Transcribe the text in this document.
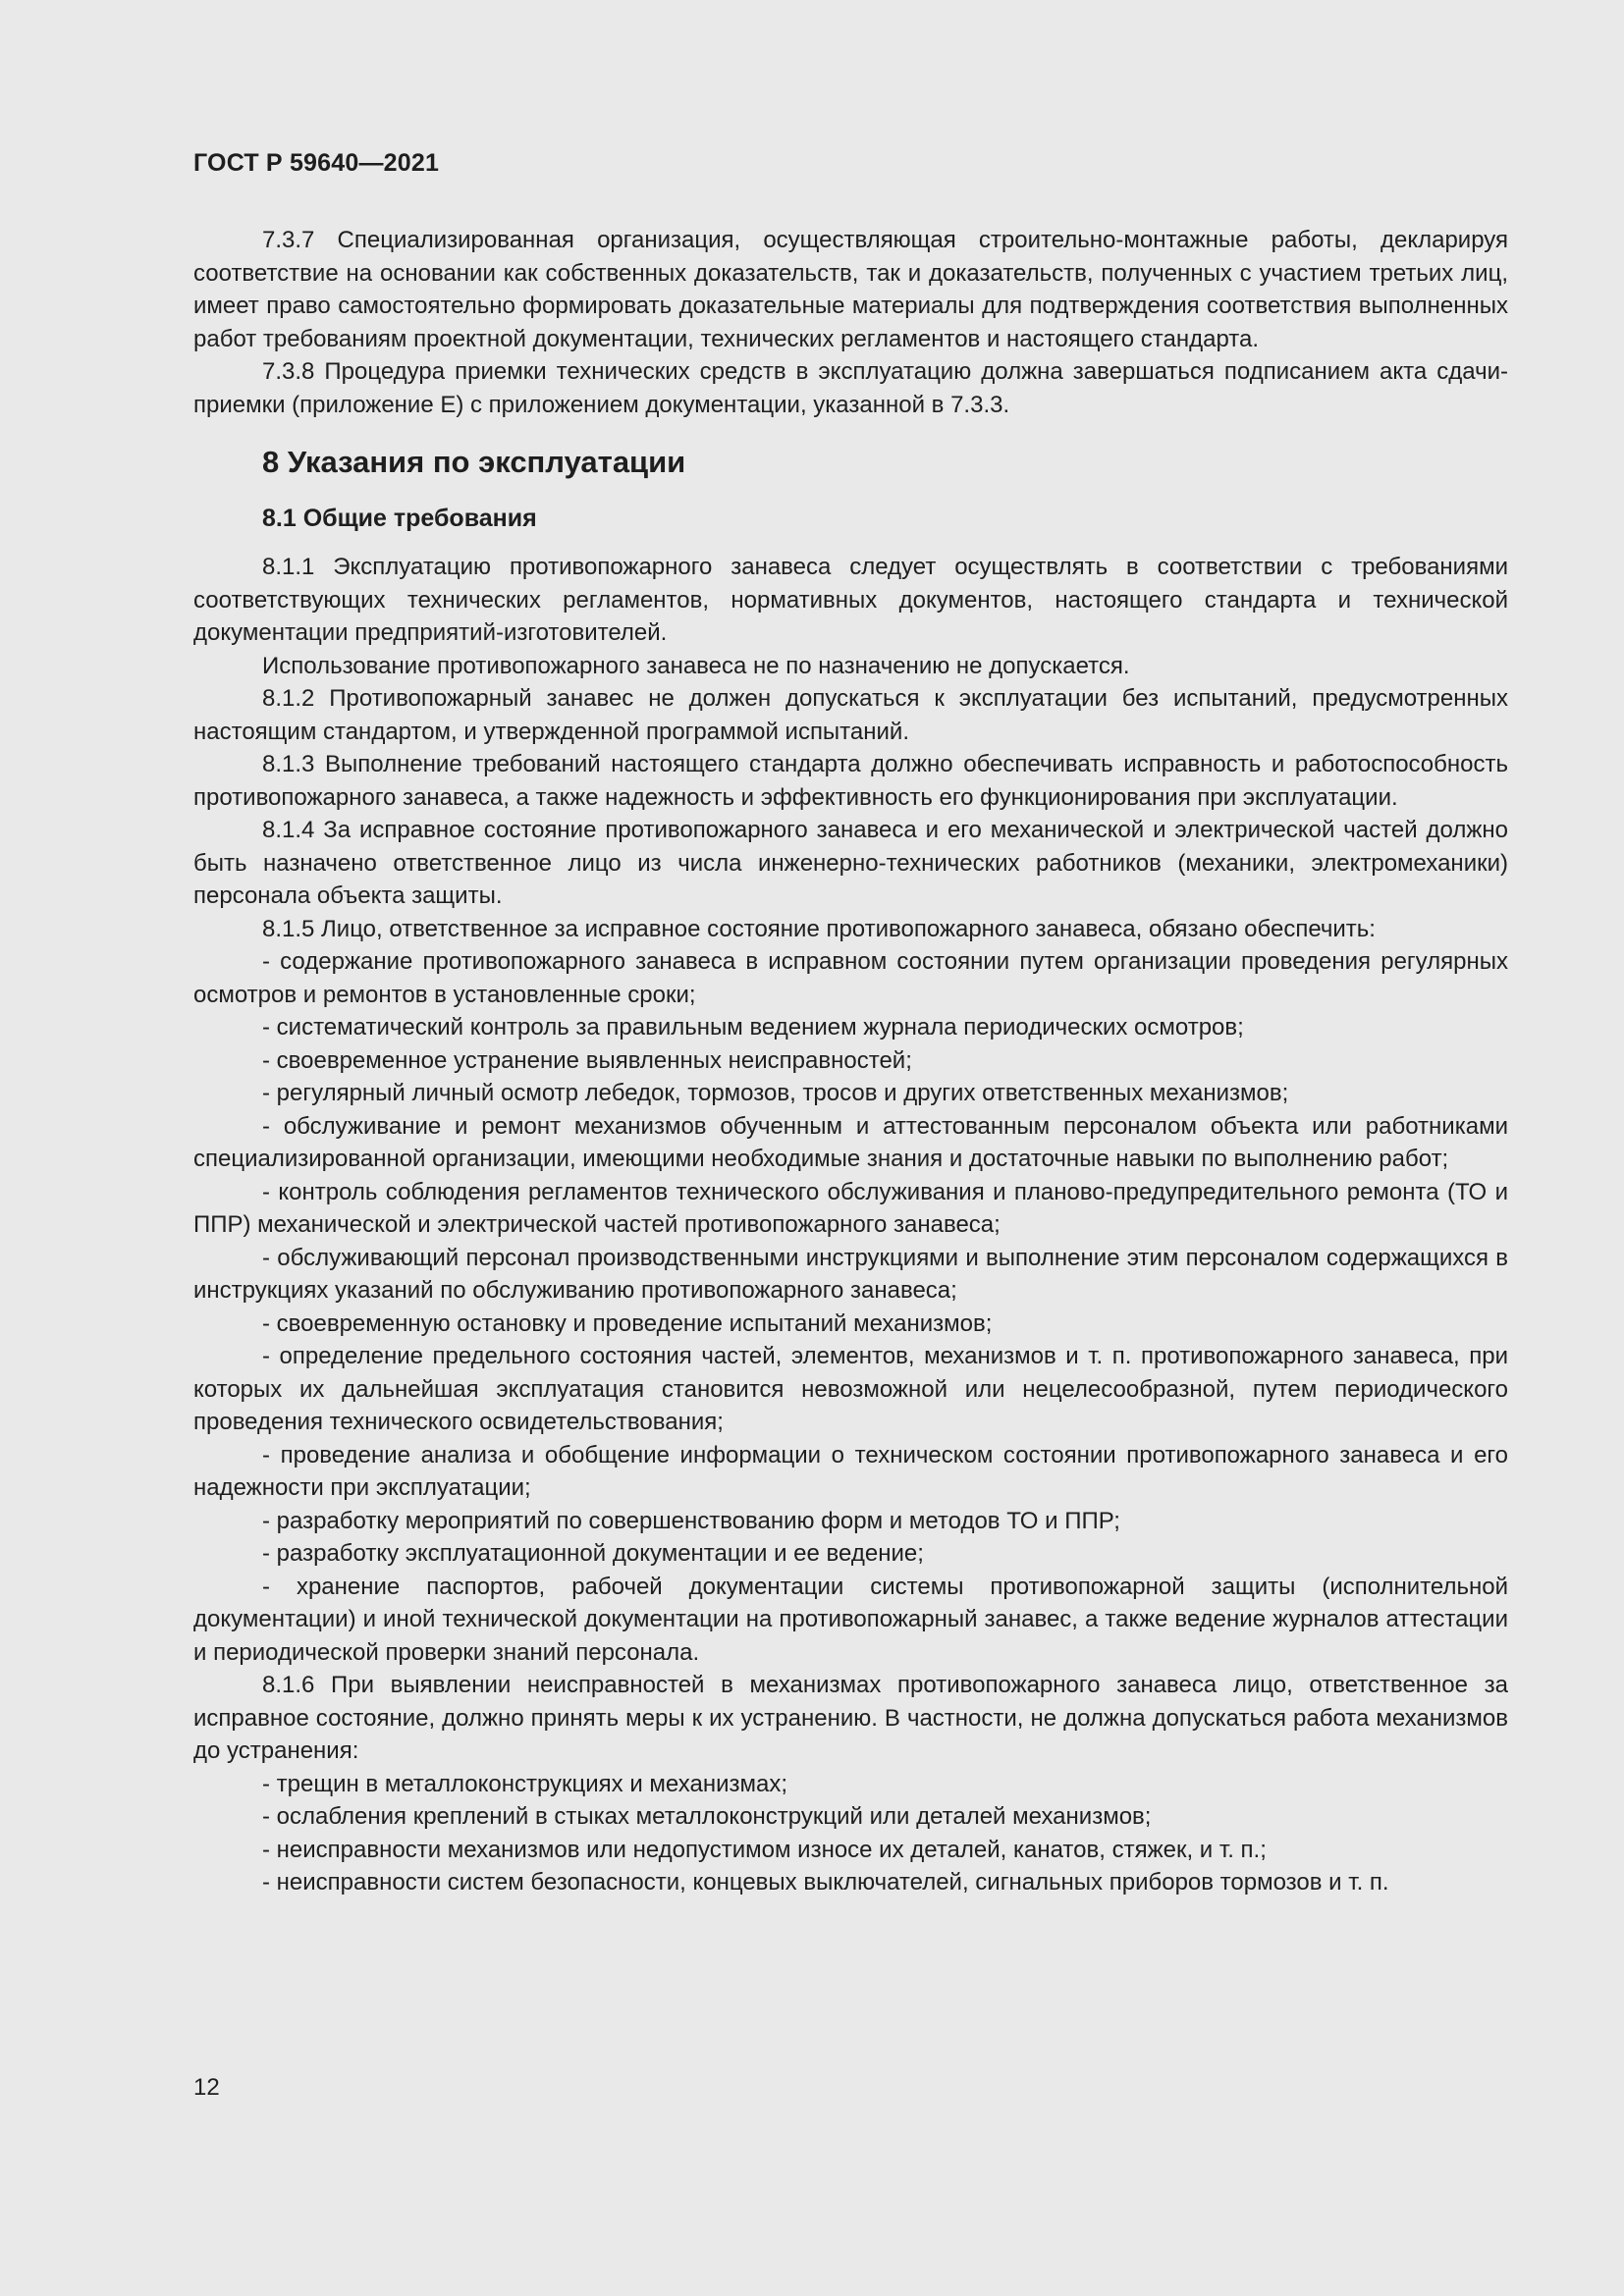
ГОСТ Р 59640—2021

7.3.7 Специализированная организация, осуществляющая строительно-монтажные работы, декларируя соответствие на основании как собственных доказательств, так и доказательств, полученных с участием третьих лиц, имеет право самостоятельно формировать доказательные материалы для подтверждения соответствия выполненных работ требованиям проектной документации, технических регламентов и настоящего стандарта.

7.3.8 Процедура приемки технических средств в эксплуатацию должна завершаться подписанием акта сдачи-приемки (приложение Е) с приложением документации, указанной в 7.3.3.

8 Указания по эксплуатации
8.1 Общие требования

8.1.1 Эксплуатацию противопожарного занавеса следует осуществлять в соответствии с требованиями соответствующих технических регламентов, нормативных документов, настоящего стандарта и технической документации предприятий-изготовителей.

Использование противопожарного занавеса не по назначению не допускается.

8.1.2 Противопожарный занавес не должен допускаться к эксплуатации без испытаний, предусмотренных настоящим стандартом, и утвержденной программой испытаний.

8.1.3 Выполнение требований настоящего стандарта должно обеспечивать исправность и работоспособность противопожарного занавеса, а также надежность и эффективность его функционирования при эксплуатации.

8.1.4 За исправное состояние противопожарного занавеса и его механической и электрической частей должно быть назначено ответственное лицо из числа инженерно-технических работников (механики, электромеханики) персонала объекта защиты.

8.1.5 Лицо, ответственное за исправное состояние противопожарного занавеса, обязано обеспечить:

- содержание противопожарного занавеса в исправном состоянии путем организации проведения регулярных осмотров и ремонтов в установленные сроки;

- систематический контроль за правильным ведением журнала периодических осмотров;

- своевременное устранение выявленных неисправностей;

- регулярный личный осмотр лебедок, тормозов, тросов и других ответственных механизмов;

- обслуживание и ремонт механизмов обученным и аттестованным персоналом объекта или работниками специализированной организации, имеющими необходимые знания и достаточные навыки по выполнению работ;

- контроль соблюдения регламентов технического обслуживания и планово-предупредительного ремонта (ТО и ППР) механической и электрической частей противопожарного занавеса;

- обслуживающий персонал производственными инструкциями и выполнение этим персоналом содержащихся в инструкциях указаний по обслуживанию противопожарного занавеса;

- своевременную остановку и проведение испытаний механизмов;

- определение предельного состояния частей, элементов, механизмов и т. п. противопожарного занавеса, при которых их дальнейшая эксплуатация становится невозможной или нецелесообразной, путем периодического проведения технического освидетельствования;

- проведение анализа и обобщение информации о техническом состоянии противопожарного занавеса и его надежности при эксплуатации;

- разработку мероприятий по совершенствованию форм и методов ТО и ППР;

- разработку эксплуатационной документации и ее ведение;

- хранение паспортов, рабочей документации системы противопожарной защиты (исполнительной документации) и иной технической документации на противопожарный занавес, а также ведение журналов аттестации и периодической проверки знаний персонала.

8.1.6 При выявлении неисправностей в механизмах противопожарного занавеса лицо, ответственное за исправное состояние, должно принять меры к их устранению. В частности, не должна допускаться работа механизмов до устранения:

- трещин в металлоконструкциях и механизмах;

- ослабления креплений в стыках металлоконструкций или деталей механизмов;

- неисправности механизмов или недопустимом износе их деталей, канатов, стяжек, и т. п.;

- неисправности систем безопасности, концевых выключателей, сигнальных приборов тормозов и т. п.

12
